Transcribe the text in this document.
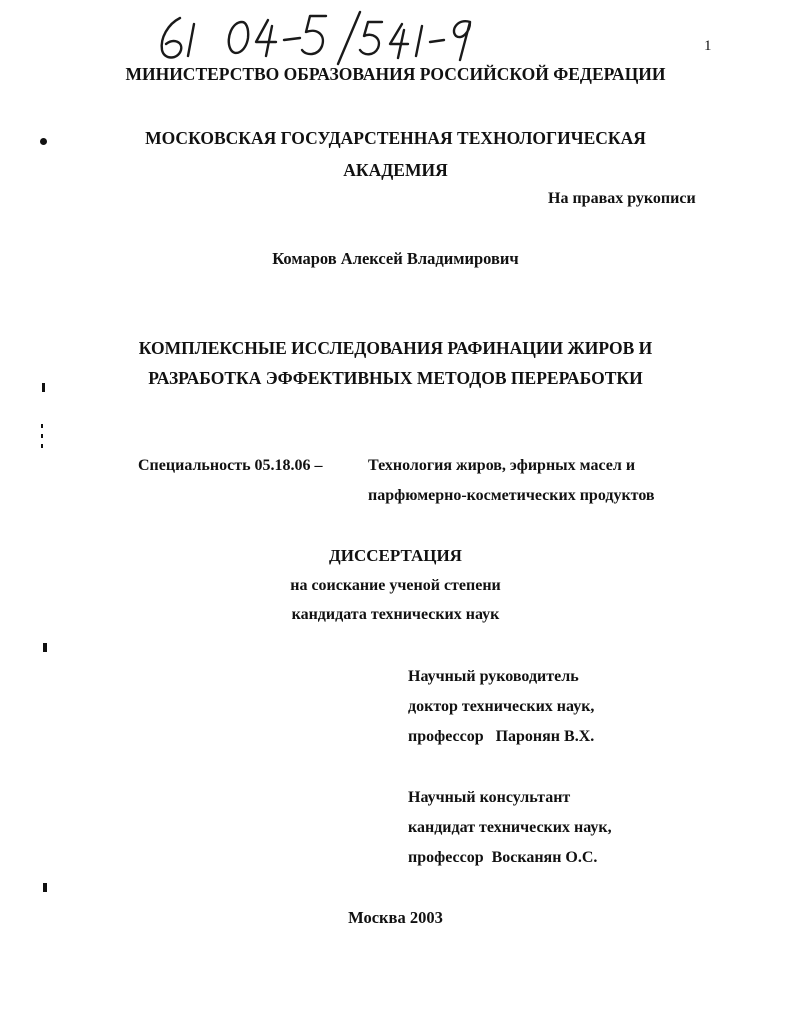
1
МИНИСТЕРСТВО ОБРАЗОВАНИЯ РОССИЙСКОЙ ФЕДЕРАЦИИ
МОСКОВСКАЯ ГОСУДАРСТЕННАЯ ТЕХНОЛОГИЧЕСКАЯ
АКАДЕМИЯ
На правах рукописи
Комаров Алексей Владимирович
КОМПЛЕКСНЫЕ ИССЛЕДОВАНИЯ РАФИНАЦИИ ЖИРОВ И
РАЗРАБОТКА ЭФФЕКТИВНЫХ МЕТОДОВ ПЕРЕРАБОТКИ
Специальность 05.18.06 –	Технология жиров, эфирных масел и
парфюмерно-косметических продуктов
ДИССЕРТАЦИЯ
на соискание ученой степени
кандидата технических наук
Научный руководитель
доктор технических наук,
профессор   Паронян В.Х.
Научный консультант
кандидат технических наук,
профессор  Восканян О.С.
Москва 2003
